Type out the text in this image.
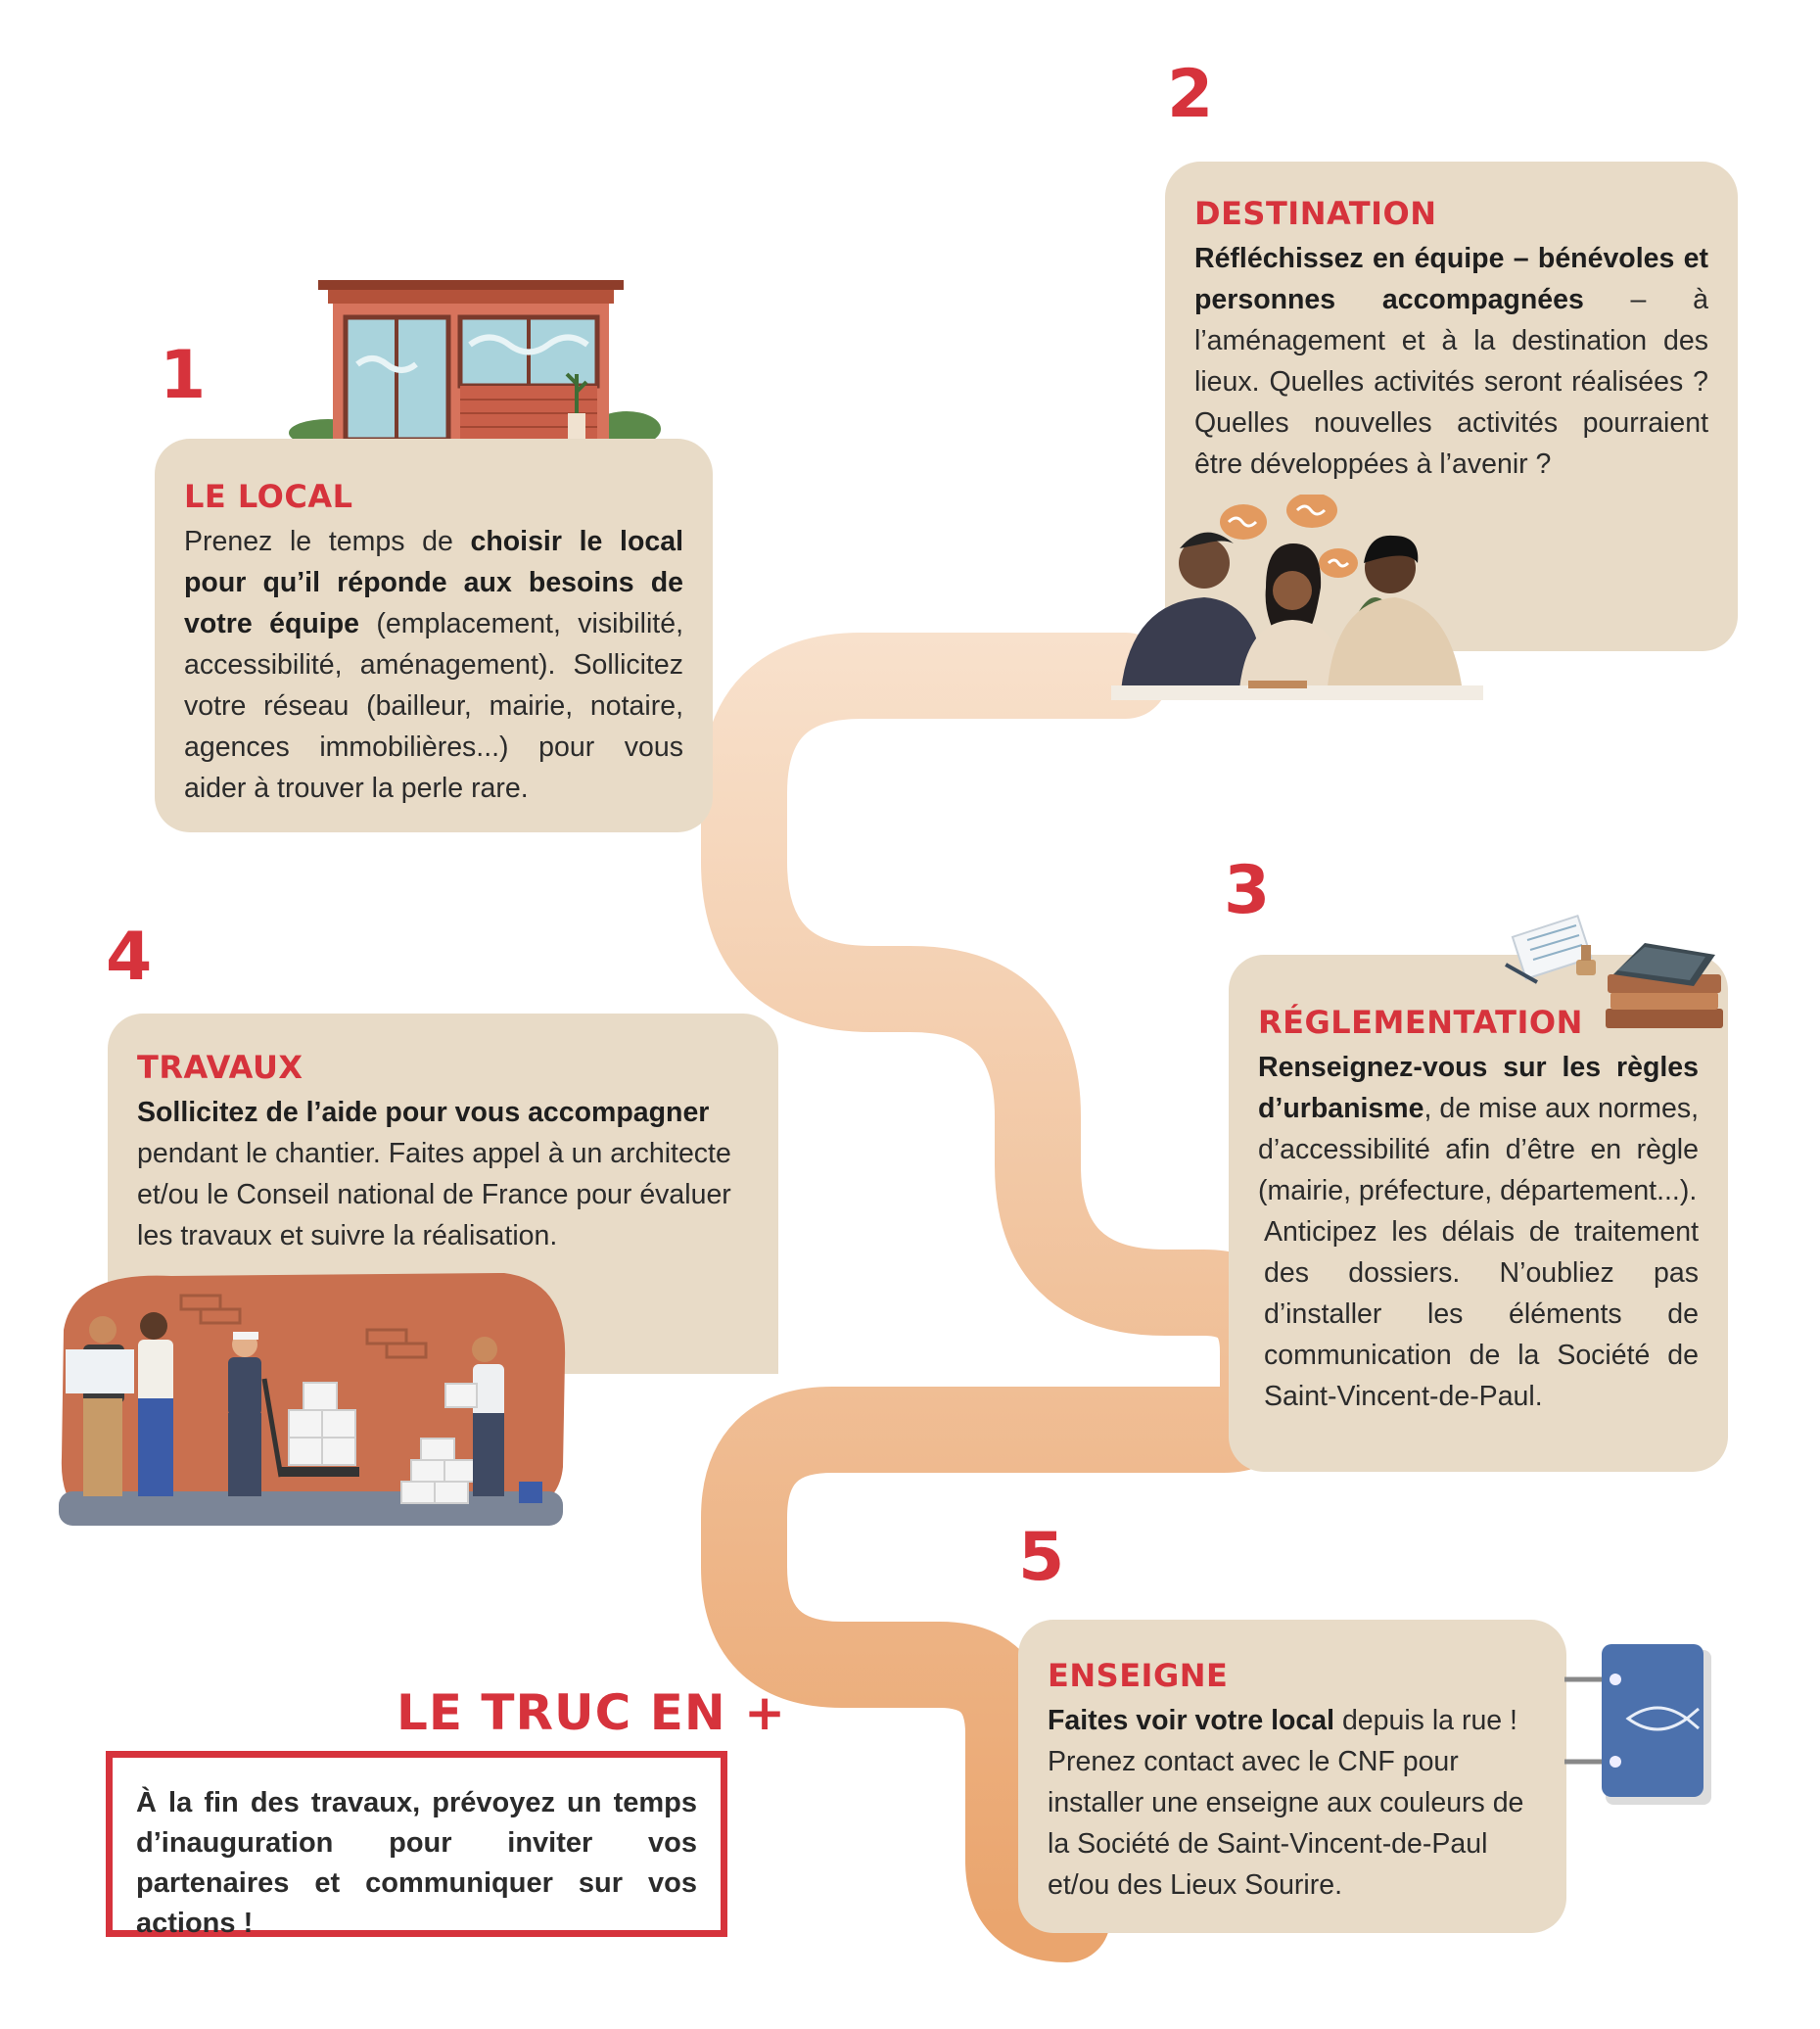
1
LE LOCAL

Prenez le temps de choisir le local pour qu’il réponde aux besoins de votre équipe (emplacement, visibilité, accessibilité, aménagement). Sollicitez votre réseau (bailleur, mairie, notaire, agences immobilières...) pour vous aider à trouver la perle rare.

2
DESTINATION

Réfléchissez en équipe – bénévoles et personnes accompagnées – à l’aménagement et à la destination des lieux. Quelles activités seront réalisées ? Quelles nouvelles activités pourraient être développées à l’avenir ?

3
RÉGLEMENTATION

Renseignez-vous sur les règles d’urbanisme, de mise aux normes, d’accessibilité afin d’être en règle (mairie, préfecture, département...).

Anticipez les délais de traitement des dossiers. N’oubliez pas d’installer les éléments de communication de la Société de Saint-Vincent-de-Paul.

4
TRAVAUX

Sollicitez de l’aide pour vous accompagner pendant le chantier. Faites appel à un architecte et/ou le Conseil national de France pour évaluer les travaux et suivre la réalisation.

5
ENSEIGNE

Faites voir votre local depuis la rue ! Prenez contact avec le CNF pour installer une enseigne aux couleurs de la Société de Saint-Vincent-de-Paul et/ou des Lieux Sourire.

LE TRUC EN +

À la fin des travaux, prévoyez un temps d’inauguration pour inviter vos partenaires et communiquer sur vos actions !
